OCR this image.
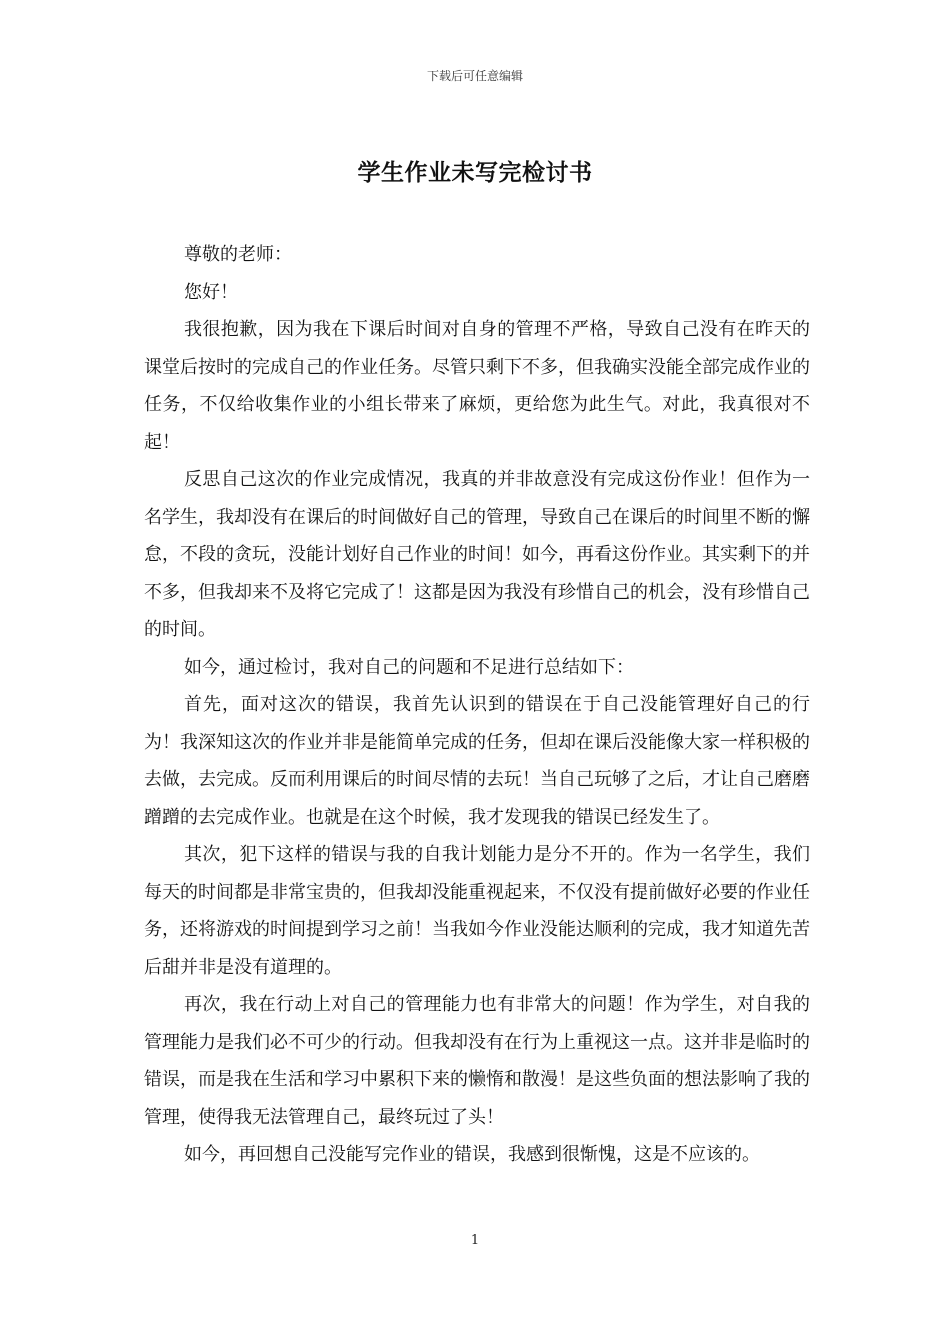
下载后可任意编辑
学生作业未写完检讨书

尊敬的老师：

您好！

我很抱歉，因为我在下课后时间对自身的管理不严格，导致自己没有在昨天的课堂后按时的完成自己的作业任务。尽管只剩下不多，但我确实没能全部完成作业的任务，不仅给收集作业的小组长带来了麻烦，更给您为此生气。对此，我真很对不起！

反思自己这次的作业完成情况，我真的并非故意没有完成这份作业！但作为一名学生，我却没有在课后的时间做好自己的管理，导致自己在课后的时间里不断的懈怠，不段的贪玩，没能计划好自己作业的时间！如今，再看这份作业。其实剩下的并不多，但我却来不及将它完成了！这都是因为我没有珍惜自己的机会，没有珍惜自己的时间。

如今，通过检讨，我对自己的问题和不足进行总结如下：

首先，面对这次的错误，我首先认识到的错误在于自己没能管理好自己的行为！我深知这次的作业并非是能简单完成的任务，但却在课后没能像大家一样积极的去做，去完成。反而利用课后的时间尽情的去玩！当自己玩够了之后，才让自己磨磨蹭蹭的去完成作业。也就是在这个时候，我才发现我的错误已经发生了。

其次，犯下这样的错误与我的自我计划能力是分不开的。作为一名学生，我们每天的时间都是非常宝贵的，但我却没能重视起来，不仅没有提前做好必要的作业任务，还将游戏的时间提到学习之前！当我如今作业没能达顺利的完成，我才知道先苦后甜并非是没有道理的。

再次，我在行动上对自己的管理能力也有非常大的问题！作为学生，对自我的管理能力是我们必不可少的行动。但我却没有在行为上重视这一点。这并非是临时的错误，而是我在生活和学习中累积下来的懒惰和散漫！是这些负面的想法影响了我的管理，使得我无法管理自己，最终玩过了头！

如今，再回想自己没能写完作业的错误，我感到很惭愧，这是不应该的。

1
